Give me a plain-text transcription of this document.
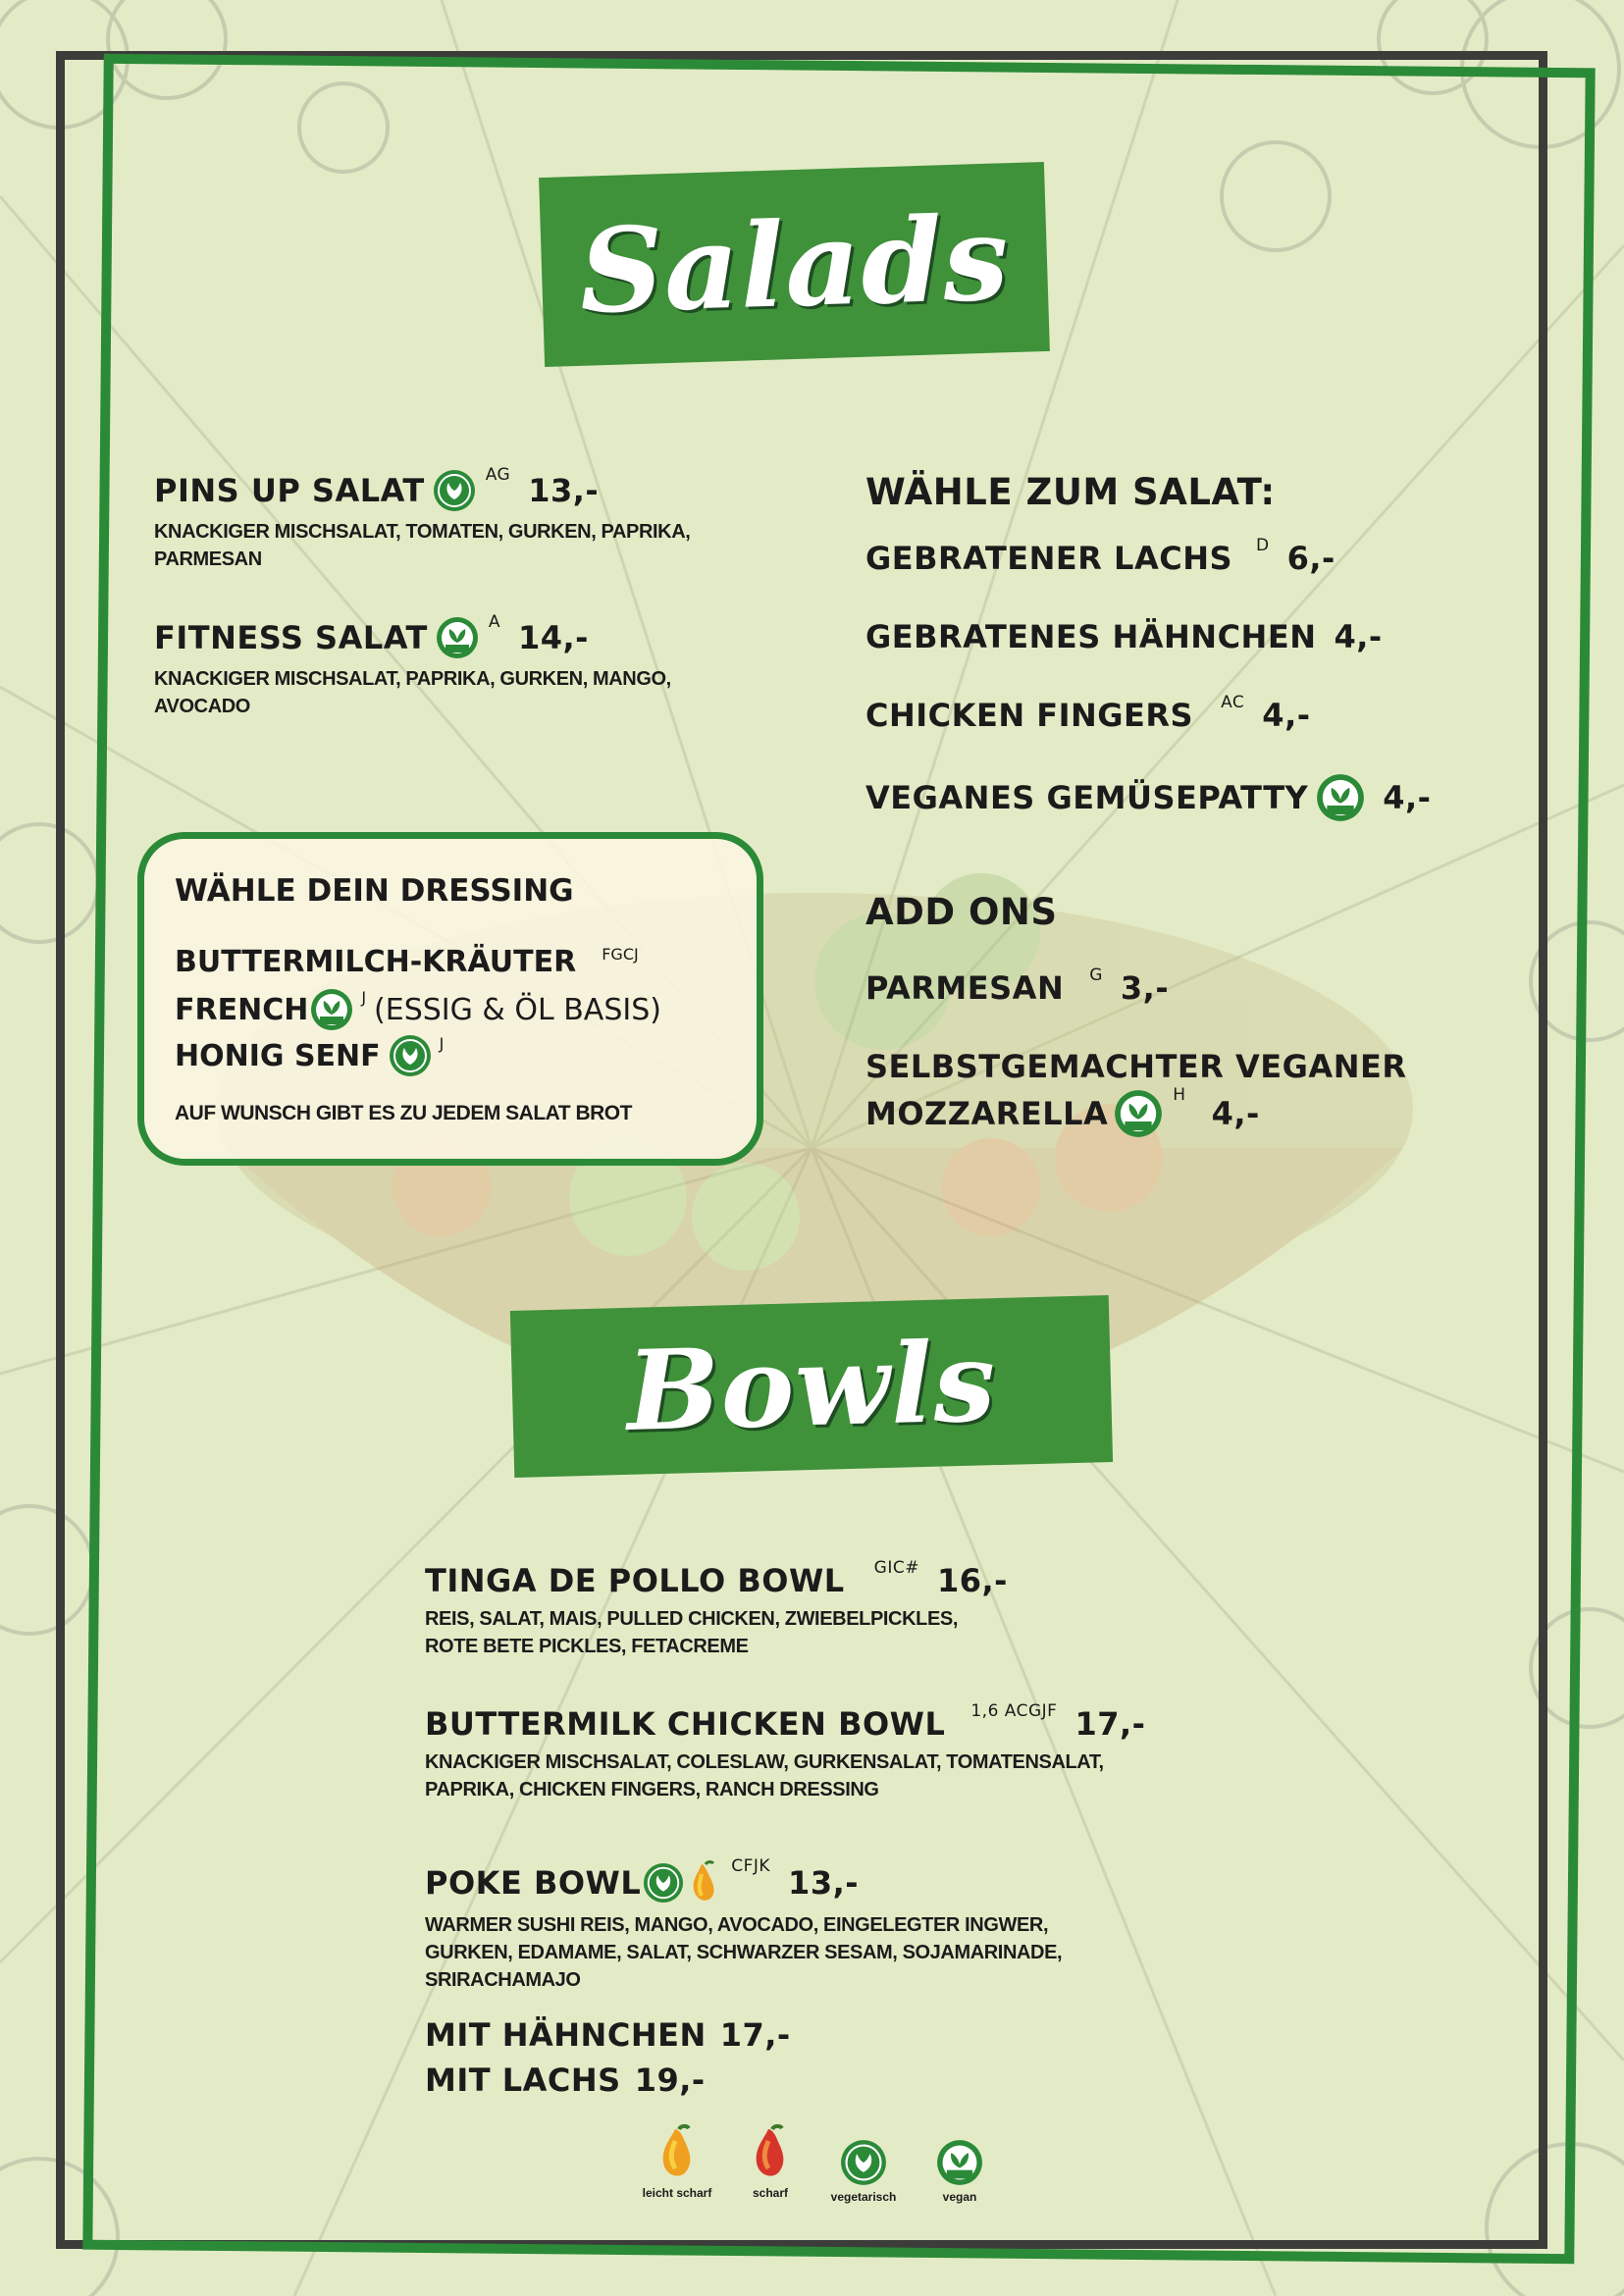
Salads
PINS UP SALAT	AG 13,-
KNACKIGER MISCHSALAT, TOMATEN, GURKEN, PAPRIKA,
PARMESAN
FITNESS SALAT	A 14,-
KNACKIGER MISCHSALAT, PAPRIKA, GURKEN, MANGO,
AVOCADO
WÄHLE ZUM SALAT:
GEBRATENER LACHS D 6,-
GEBRATENES HÄHNCHEN 4,-
CHICKEN FINGERS AC 4,-
VEGANES GEMÜSEPATTY 4,-
ADD ONS
PARMESAN G 3,-
SELBSTGEMACHTER VEGANER
MOZZARELLA	H 4,-
WÄHLE DEIN DRESSING
BUTTERMILCH-KRÄUTER FGCJ
FRENCH	J (ESSIG & ÖL BASIS)
HONIG SENF	J
AUF WUNSCH GIBT ES ZU JEDEM SALAT BROT
Bowls
TINGA DE POLLO BOWL GIC# 16,-
REIS, SALAT, MAIS, PULLED CHICKEN, ZWIEBELPICKLES,
ROTE BETE PICKLES, FETACREME
BUTTERMILK CHICKEN BOWL 1,6 ACGJF 17,-
KNACKIGER MISCHSALAT, COLESLAW, GURKENSALAT, TOMATENSALAT,
PAPRIKA, CHICKEN FINGERS, RANCH DRESSING
POKE BOWL	CFJK 13,-
WARMER SUSHI REIS, MANGO, AVOCADO, EINGELEGTER INGWER,
GURKEN, EDAMAME, SALAT, SCHWARZER SESAM, SOJAMARINADE,
SRIRACHAMAJO
MIT HÄHNCHEN 17,-
MIT LACHS 19,-
leicht scharf	scharf	vegetarisch	vegan
